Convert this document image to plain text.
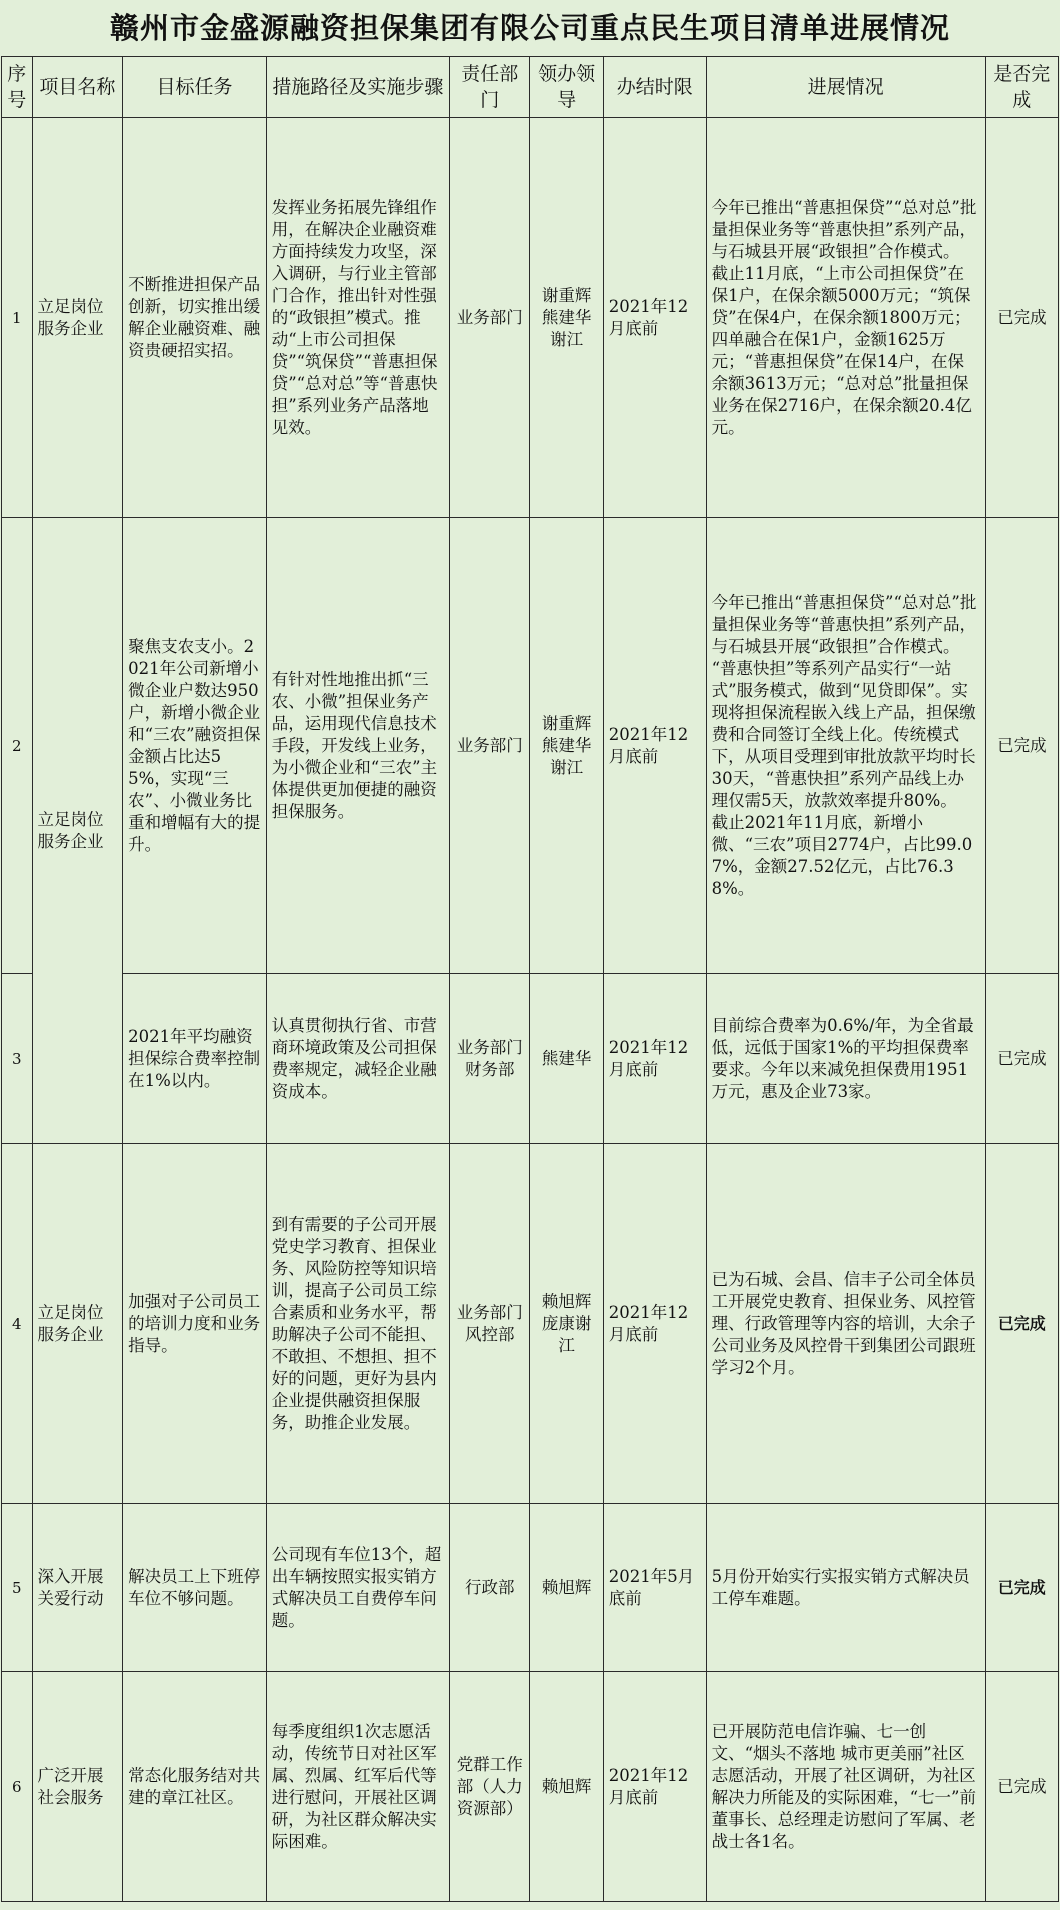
赣州市金盛源融资担保集团有限公司重点民生项目清单进展情况
序号	项目名称	目标任务	措施路径及实施步骤	责任部门	领办领导	办结时限	进展情况	是否完成
1	立足岗位服务企业	不断推进担保产品创新，切实推出缓解企业融资难、融资贵硬招实招。	发挥业务拓展先锋组作用，在解决企业融资难方面持续发力攻坚，深入调研，与行业主管部门合作，推出针对性强的“政银担”模式。推动“上市公司担保贷”“筑保贷”“普惠担保贷”“总对总”等“普惠快担”系列业务产品落地见效。	业务部门	谢重辉熊建华谢江	2021年12月底前	今年已推出“普惠担保贷”“总对总”批量担保业务等“普惠快担”系列产品，与石城县开展“政银担”合作模式。
截止11月底，“上市公司担保贷”在保1户，在保余额5000万元；“筑保贷”在保4户，在保余额1800万元；四单融合在保1户，金额1625万元；“普惠担保贷”在保14户，在保余额3613万元；“总对总”批量担保业务在保2716户，在保余额20.4亿元。	已完成
2	立足岗位服务企业	聚焦支农支小。2021年公司新增小微企业户数达950户，新增小微企业和“三农”融资担保金额占比达55%，实现“三农”、小微业务比重和增幅有大的提升。	有针对性地推出抓“三农、小微”担保业务产品，运用现代信息技术手段，开发线上业务，为小微企业和“三农”主体提供更加便捷的融资担保服务。	业务部门	谢重辉熊建华谢江	2021年12月底前	今年已推出“普惠担保贷”“总对总”批量担保业务等“普惠快担”系列产品，与石城县开展“政银担”合作模式。
“普惠快担”等系列产品实行“一站式”服务模式，做到“见贷即保”。实现将担保流程嵌入线上产品，担保缴费和合同签订全线上化。传统模式下，从项目受理到审批放款平均时长30天，“普惠快担”系列产品线上办理仅需5天，放款效率提升80%。
截止2021年11月底，新增小微、“三农”项目2774户，占比99.07%，金额27.52亿元，占比76.38%。	已完成
3		2021年平均融资担保综合费率控制在1%以内。	认真贯彻执行省、市营商环境政策及公司担保费率规定，减轻企业融资成本。	业务部门财务部	熊建华	2021年12月底前	目前综合费率为0.6%/年，为全省最低，远低于国家1%的平均担保费率要求。今年以来减免担保费用1951万元，惠及企业73家。	已完成
4	立足岗位服务企业	加强对子公司员工的培训力度和业务指导。	到有需要的子公司开展党史学习教育、担保业务、风险防控等知识培训，提高子公司员工综合素质和业务水平，帮助解决子公司不能担、不敢担、不想担、担不好的问题，更好为县内企业提供融资担保服务，助推企业发展。	业务部门风控部	赖旭辉庞康谢江	2021年12月底前	已为石城、会昌、信丰子公司全体员工开展党史教育、担保业务、风控管理、行政管理等内容的培训，大余子公司业务及风控骨干到集团公司跟班学习2个月。	已完成
5	深入开展关爱行动	解决员工上下班停车位不够问题。	公司现有车位13个，超出车辆按照实报实销方式解决员工自费停车问题。	行政部	赖旭辉	2021年5月底前	5月份开始实行实报实销方式解决员工停车难题。	已完成
6	广泛开展社会服务	常态化服务结对共建的章江社区。	每季度组织1次志愿活动，传统节日对社区军属、烈属、红军后代等进行慰问，开展社区调研，为社区群众解决实际困难。	党群工作部（人力资源部）	赖旭辉	2021年12月底前	已开展防范电信诈骗、七一创文、“烟头不落地 城市更美丽”社区志愿活动，开展了社区调研，为社区解决力所能及的实际困难，“七一”前董事长、总经理走访慰问了军属、老战士各1名。	已完成
